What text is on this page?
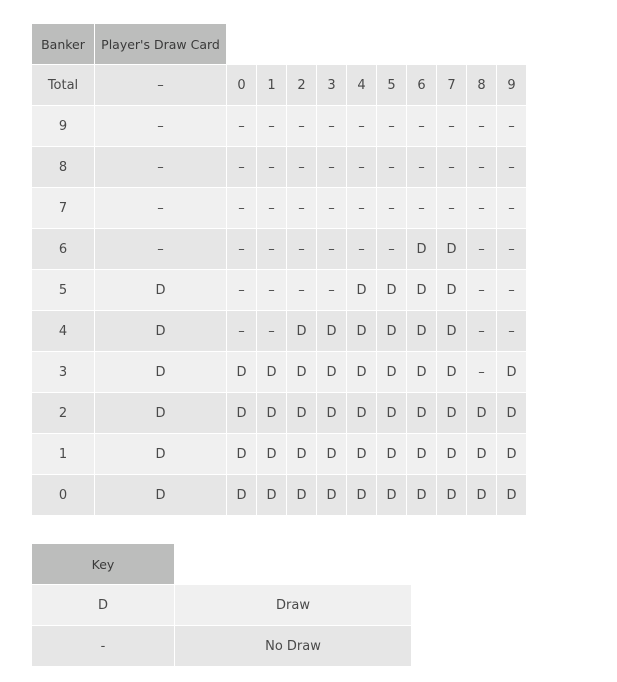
Banker	Player's Draw Card										
Total	–	0	1	2	3	4	5	6	7	8	9
9	–	–	–	–	–	–	–	–	–	–	–
8	–	–	–	–	–	–	–	–	–	–	–
7	–	–	–	–	–	–	–	–	–	–	–
6	–	–	–	–	–	–	–	D	D	–	–
5	D	–	–	–	–	D	D	D	D	–	–
4	D	–	–	D	D	D	D	D	D	–	–
3	D	D	D	D	D	D	D	D	D	–	D
2	D	D	D	D	D	D	D	D	D	D	D
1	D	D	D	D	D	D	D	D	D	D	D
0	D	D	D	D	D	D	D	D	D	D	D
Key	
D	Draw
-	No Draw
